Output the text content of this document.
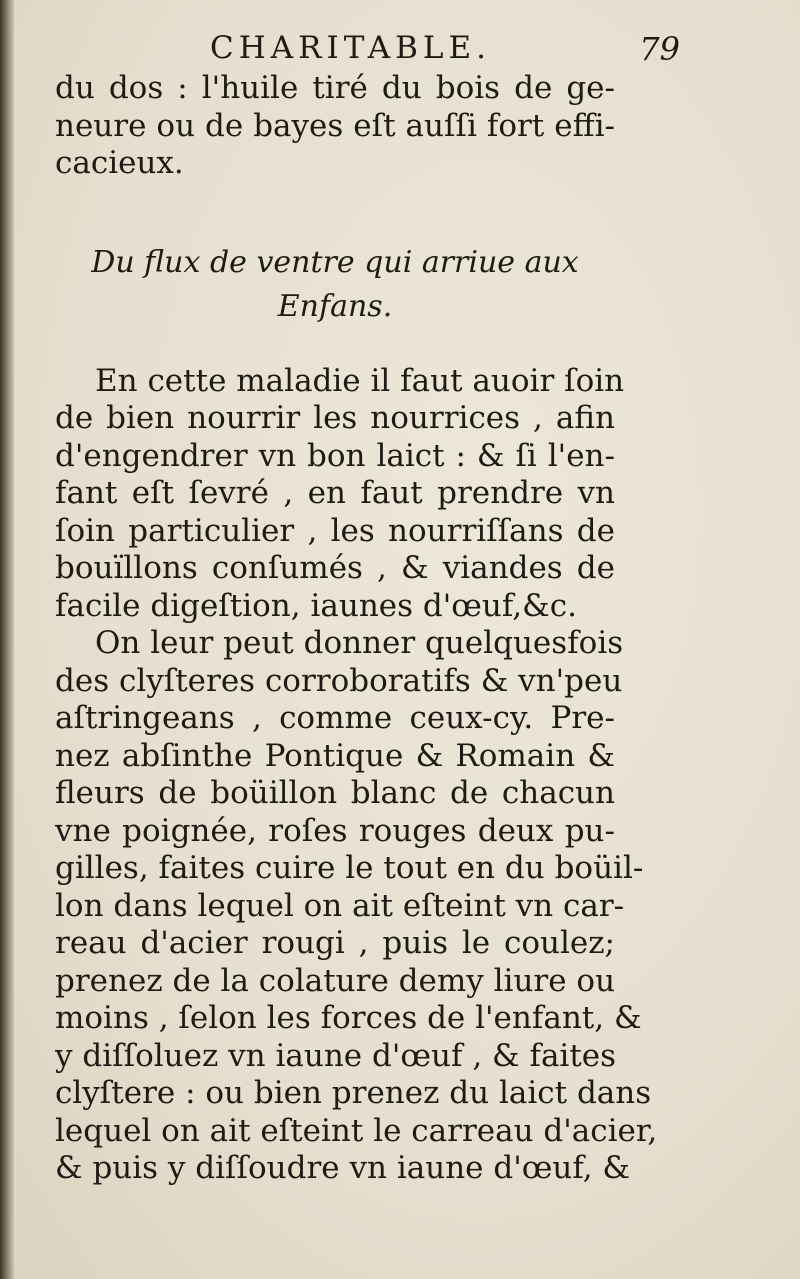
CHARITABLE.	79
du dos : l'huile tiré du bois de ge-
neure ou de bayes eſt auſſi fort effi-
cacieux.
Du flux de ventre qui arriue aux
Enfans.
En cette maladie il faut auoir ſoin
de bien nourrir les nourrices , afin
d'engendrer vn bon laict : & ſi l'en-
fant eſt ſevré , en faut prendre vn
ſoin particulier , les nourriſſans de
bouïllons conſumés , & viandes de
facile digeſtion, iaunes d'œuf,&c.
On leur peut donner quelquesfois
des clyſteres corroboratifs & vn'peu
aſtringeans , comme ceux-cy. Pre-
nez abſinthe Pontique & Romain &
fleurs de boüillon blanc de chacun
vne poignée, roſes rouges deux pu-
gilles, faites cuire le tout en du boüil-
lon dans lequel on ait eſteint vn car-
reau d'acier rougi , puis le coulez;
prenez de la colature demy liure ou
moins , ſelon les forces de l'enfant, &
y diſſoluez vn iaune d'œuf , & faites
clyſtere : ou bien prenez du laict dans
lequel on ait eſteint le carreau d'acier,
& puis y diſſoudre vn iaune d'œuf, &
